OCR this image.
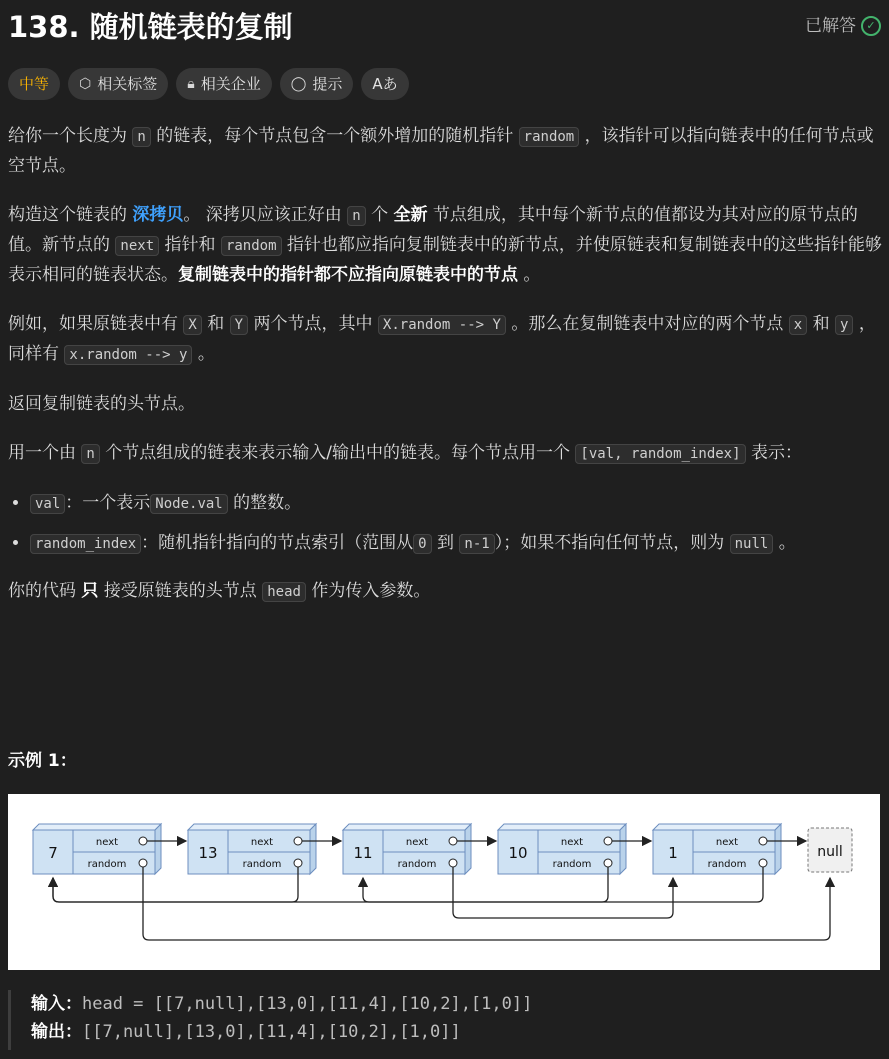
138. 随机链表的复制	已解答 ✓
中等 ⬡ 相关标签 🔒︎ 相关企业 ◯ 提示 Aあ

给你一个长度为 n 的链表，每个节点包含一个额外增加的随机指针 random ，该指针可以指向链表中的任何节点或空节点。

构造这个链表的 深拷贝。 深拷贝应该正好由 n 个 全新 节点组成，其中每个新节点的值都设为其对应的原节点的值。新节点的 next 指针和 random 指针也都应指向复制链表中的新节点，并使原链表和复制链表中的这些指针能够表示相同的链表状态。复制链表中的指针都不应指向原链表中的节点 。

例如，如果原链表中有 X 和 Y 两个节点，其中 X.random --> Y 。那么在复制链表中对应的两个节点 x 和 y ，同样有 x.random --> y 。

返回复制链表的头节点。

用一个由 n 个节点组成的链表来表示输入/输出中的链表。每个节点用一个 [val, random_index] 表示：

• val ：一个表示 Node.val 的整数。
• random_index ：随机指针指向的节点索引（范围从 0 到 n-1 ）；如果不指向任何节点，则为 null 。

你的代码 只 接受原链表的头节点 head 作为传入参数。

示例 1：
7
next
random
13
next
random
11
next
random
10
next
random
1
next
random
null
输入：head = [[7,null],[13,0],[11,4],[10,2],[1,0]]
输出：[[7,null],[13,0],[11,4],[10,2],[1,0]]
